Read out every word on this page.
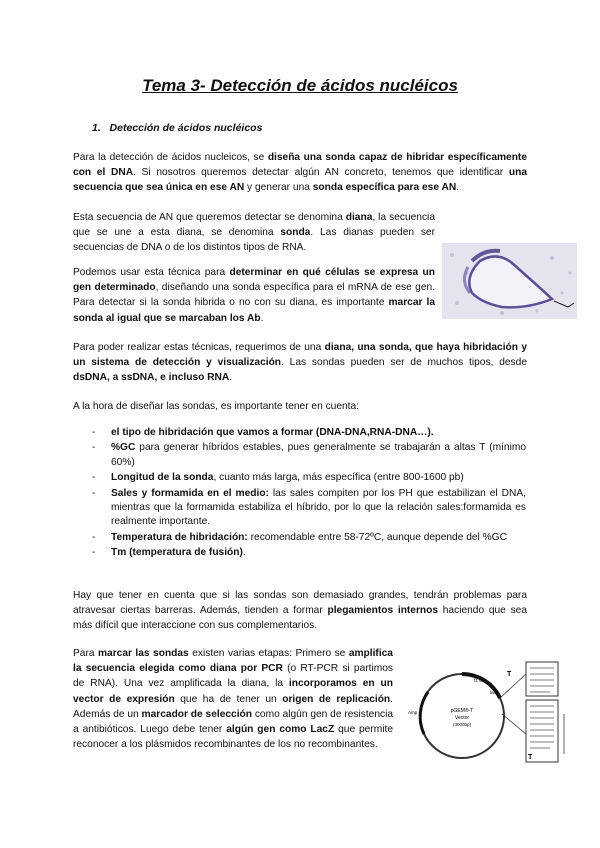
Tema 3- Detección de ácidos nucléicos
1. Detección de ácidos nucléicos
Para la detección de ácidos nucleicos, se diseña una sonda capaz de hibridar específicamente con el DNA. Si nosotros queremos detectar algún AN concreto, tenemos que identificar una secuencia que sea única en ese AN y generar una sonda específica para ese AN.
Esta secuencia de AN que queremos detectar se denomina diana, la secuencia que se une a esta diana, se denomina sonda. Las dianas pueden ser secuencias de DNA o de los distintos tipos de RNA.
Podemos usar esta técnica para determinar en qué células se expresa un gen determinado, diseñando una sonda específica para el mRNA de ese gen. Para detectar si la sonda hibrida o no con su diana, es importante marcar la sonda al igual que se marcaban los Ab.
Para poder realizar estas técnicas, requerimos de una diana, una sonda, que haya hibridación y un sistema de detección y visualización. Las sondas pueden ser de muchos tipos, desde dsDNA, a ssDNA, e incluso RNA.
A la hora de diseñar las sondas, es importante tener en cuenta:
- el tipo de hibridación que vamos a formar (DNA-DNA,RNA-DNA…).
- %GC para generar híbridos estables, pues generalmente se trabajarán a altas T (mínimo 60%)
- Longitud de la sonda, cuanto más larga, más específica (entre 800-1600 pb)
- Sales y formamida en el medio: las sales compiten por los PH que estabilizan el DNA, mientras que la formamida estabiliza el híbrido, por lo que la relación sales:formamida es realmente importante.
- Temperatura de hibridación: recomendable entre 58-72ºC, aunque depende del %GC
- Tm (temperatura de fusión).
Hay que tener en cuenta que si las sondas son demasiado grandes, tendrán problemas para atravesar ciertas barreras. Además, tienden a formar plegamientos internos haciendo que sea más difícil que interaccione con sus complementarios.
Para marcar las sondas existen varias etapas: Primero se amplifica la secuencia elegida como diana por PCR (o RT-PCR si partimos de RNA). Una vez amplificada la diana, la incorporamos en un vector de expresión que ha de tener un origen de replicación. Además de un marcador de selección como algún gen de resistencia a antibióticos. Luego debe tener algún gen como LacZ que permite reconocer a los plásmidos recombinantes de los no recombinantes.
pGEM®-T
Vector
(3000bp)
f1 ori
Amp
lacZ
T
T
